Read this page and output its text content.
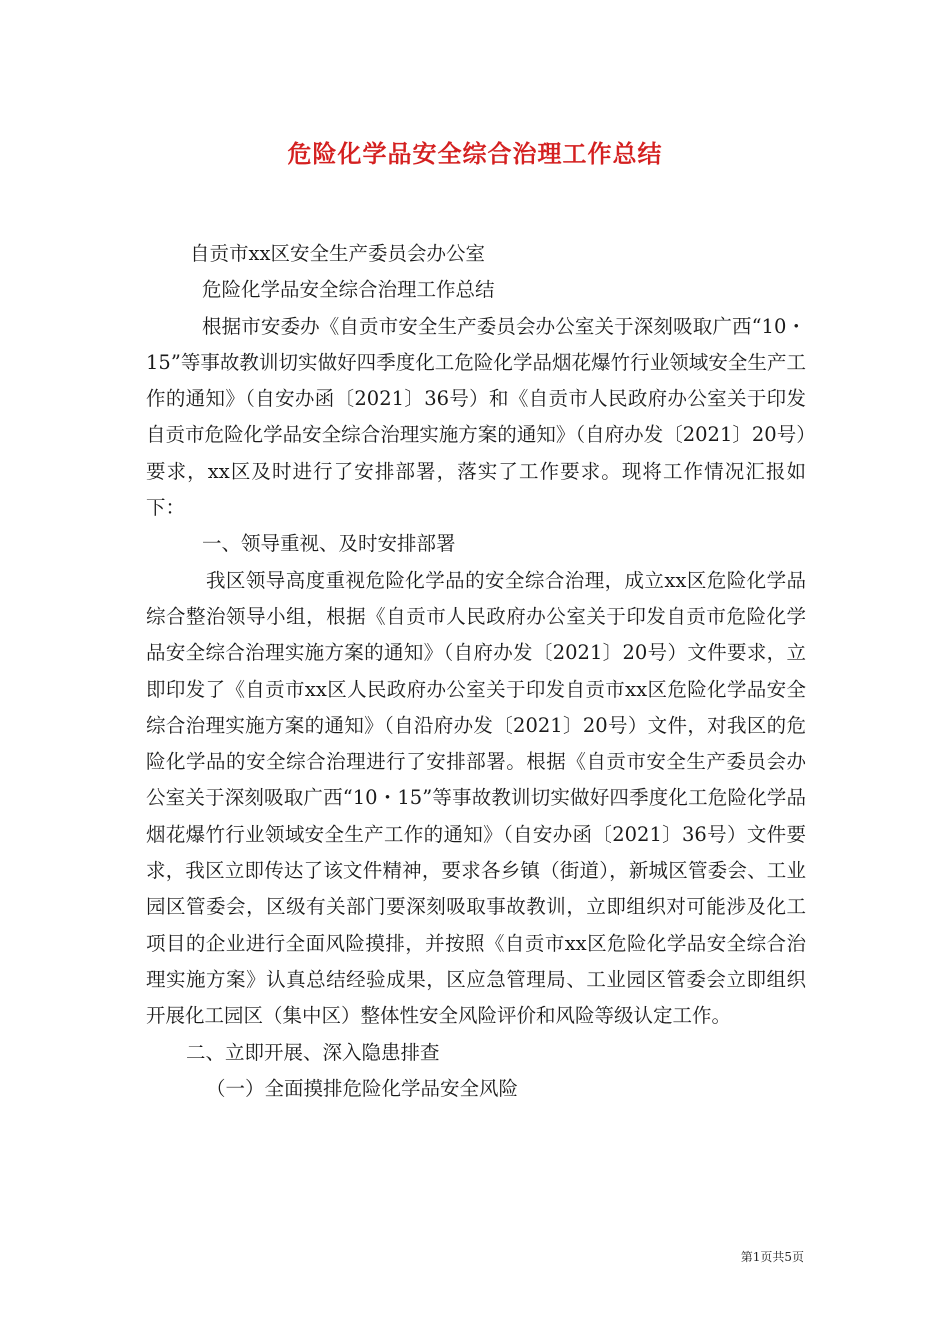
危险化学品安全综合治理工作总结

自贡市xx区安全生产委员会办公室

危险化学品安全综合治理工作总结

根据市安委办《自贡市安全生产委员会办公室关于深刻吸取广西“10・15”等事故教训切实做好四季度化工危险化学品烟花爆竹行业领域安全生产工作的通知》（自安办函〔2021〕36号）和《自贡市人民政府办公室关于印发自贡市危险化学品安全综合治理实施方案的通知》（自府办发〔2021〕20号）要求，xx区及时进行了安排部署，落实了工作要求。现将工作情况汇报如下：

一、领导重视、及时安排部署

我区领导高度重视危险化学品的安全综合治理，成立xx区危险化学品综合整治领导小组，根据《自贡市人民政府办公室关于印发自贡市危险化学品安全综合治理实施方案的通知》（自府办发〔2021〕20号）文件要求，立即印发了《自贡市xx区人民政府办公室关于印发自贡市xx区危险化学品安全综合治理实施方案的通知》（自沿府办发〔2021〕20号）文件，对我区的危险化学品的安全综合治理进行了安排部署。根据《自贡市安全生产委员会办公室关于深刻吸取广西“10・15”等事故教训切实做好四季度化工危险化学品烟花爆竹行业领域安全生产工作的通知》（自安办函〔2021〕36号）文件要求，我区立即传达了该文件精神，要求各乡镇（街道），新城区管委会、工业园区管委会，区级有关部门要深刻吸取事故教训，立即组织对可能涉及化工项目的企业进行全面风险摸排，并按照《自贡市xx区危险化学品安全综合治理实施方案》认真总结经验成果，区应急管理局、工业园区管委会立即组织开展化工园区（集中区）整体性安全风险评价和风险等级认定工作。

二、立即开展、深入隐患排查

（一）全面摸排危险化学品安全风险

第1页共5页
